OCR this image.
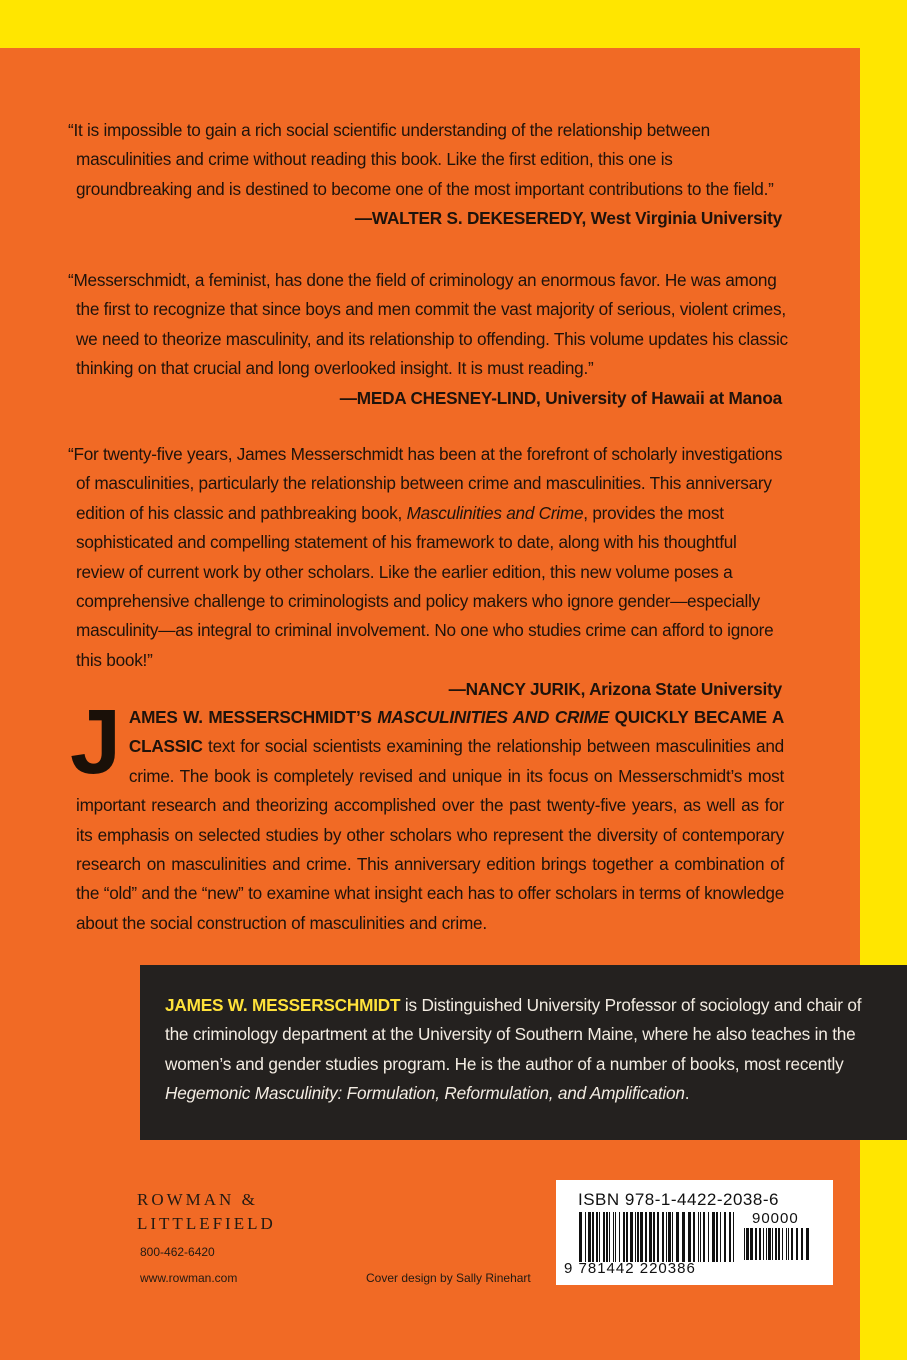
“It is impossible to gain a rich social scientific understanding of the relationship between masculinities and crime without reading this book. Like the first edition, this one is groundbreaking and is destined to become one of the most important contributions to the field.”

—WALTER S. DEKESEREDY, West Virginia University

“Messerschmidt, a feminist, has done the field of criminology an enormous favor. He was among the first to recognize that since boys and men commit the vast majority of serious, violent crimes, we need to theorize masculinity, and its relationship to offending. This volume updates his classic thinking on that crucial and long overlooked insight. It is must reading.”

—MEDA CHESNEY-LIND, University of Hawaii at Manoa

“For twenty-five years, James Messerschmidt has been at the forefront of scholarly investigations of masculinities, particularly the relationship between crime and masculinities. This anniversary edition of his classic and pathbreaking book, Masculinities and Crime, provides the most sophisticated and compelling statement of his framework to date, along with his thoughtful review of current work by other scholars. Like the earlier edition, this new volume poses a comprehensive challenge to criminologists and policy makers who ignore gender—especially masculinity—as integral to criminal involvement. No one who studies crime can afford to ignore this book!”

—NANCY JURIK, Arizona State University
JAMES W. MESSERSCHMIDT’S MASCULINITIES AND CRIME QUICKLY BECAME A CLASSIC text for social scientists examining the relationship between masculinities and crime. The book is completely revised and unique in its focus on Messerschmidt’s most important research and theorizing accomplished over the past twenty-five years, as well as for its emphasis on selected studies by other scholars who represent the diversity of contemporary research on masculinities and crime. This anniversary edition brings together a combination of the “old” and the “new” to examine what insight each has to offer scholars in terms of knowledge about the social construction of masculinities and crime.
JAMES W. MESSERSCHMIDT is Distinguished University Professor of sociology and chair of the criminology department at the University of Southern Maine, where he also teaches in the women’s and gender studies program. He is the author of a number of books, most recently Hegemonic Masculinity: Formulation, Reformulation, and Amplification.
ROWMAN &
LITTLEFIELD
800-462-6420
www.rowman.com	Cover design by Sally Rinehart
ISBN 978-1-4422-2038-6
90000
9 781442 220386
